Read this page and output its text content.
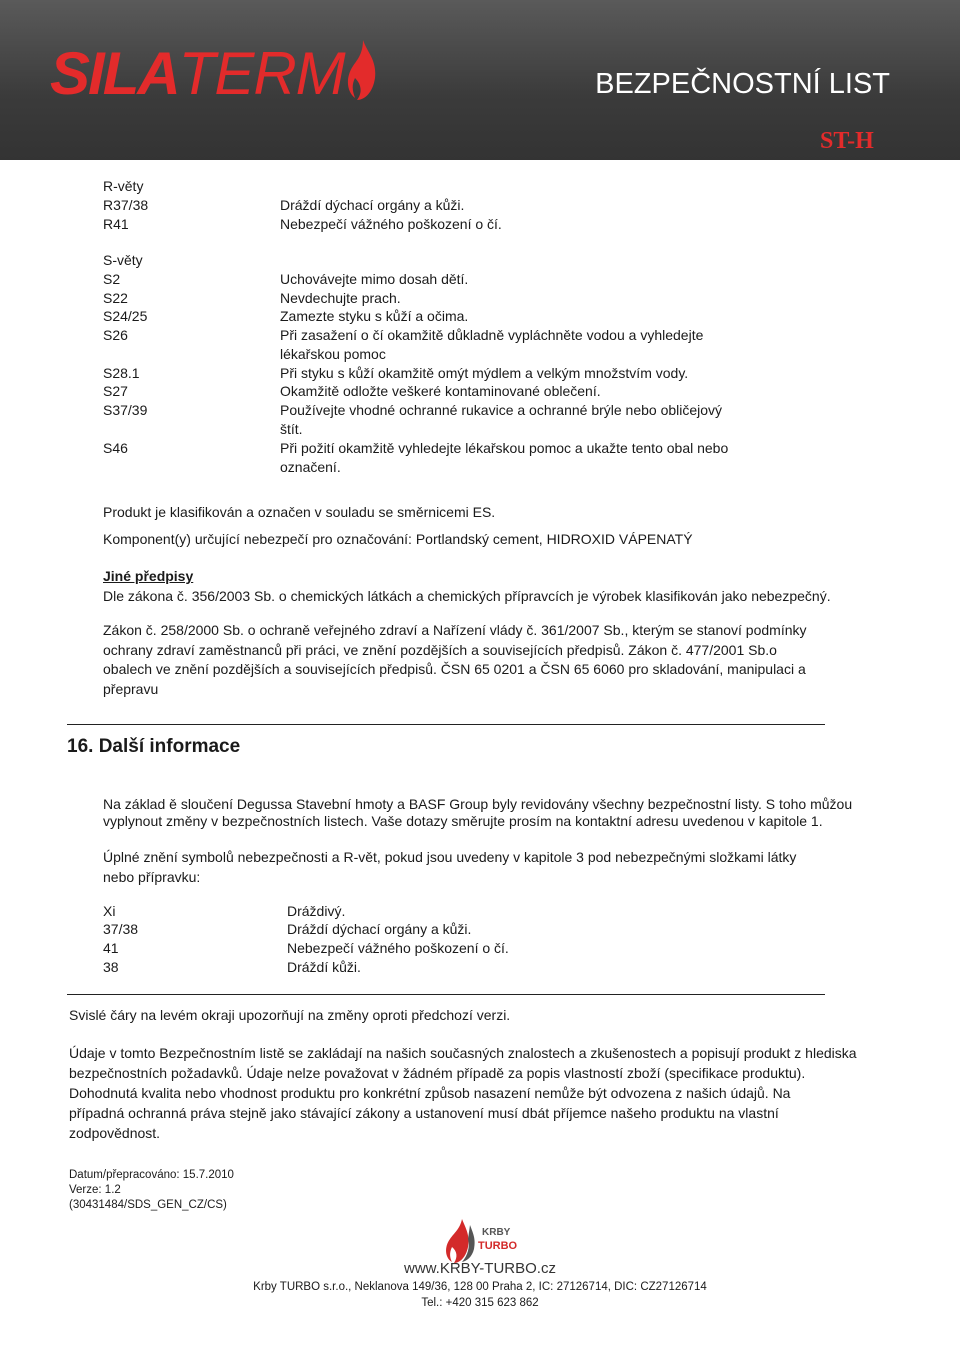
SILA TERM	BEZPEČNOSTNÍ LIST
ST-H
R-věty
R37/38	Dráždí dýchací orgány a kůži.
R41	Nebezpečí vážného poškození o čí.
S-věty
S2	Uchovávejte mimo dosah dětí.
S22	Nevdechujte prach.
S24/25	Zamezte styku s kůží a očima.
S26	Při zasažení o čí okamžitě důkladně vypláchněte vodou a vyhledejte
lékařskou pomoc
S28.1	Při styku s kůží okamžitě omýt mýdlem a velkým množstvím vody.
S27	Okamžitě odložte veškeré kontaminované oblečení.
S37/39	Používejte vhodné ochranné rukavice a ochranné brýle nebo obličejový
štít.
S46	Při požití okamžitě vyhledejte lékařskou pomoc a ukažte tento obal nebo
označení.
Produkt je klasifikován a označen v souladu se směrnicemi ES.
Komponent(y) určující nebezpečí pro označování: Portlandský cement, HIDROXID VÁPENATÝ
Jiné předpisy
Dle zákona č. 356/2003 Sb. o chemických látkách a chemických přípravcích je výrobek klasifikován jako nebezpečný.
Zákon č. 258/2000 Sb. o ochraně veřejného zdraví a Nařízení vlády č. 361/2007 Sb., kterým se stanoví podmínky
ochrany zdraví zaměstnanců při práci, ve znění pozdějších a souvisejících předpisů. Zákon č. 477/2001 Sb.o
obalech ve znění pozdějších a souvisejících předpisů. ČSN 65 0201 a ČSN 65 6060 pro skladování, manipulaci a
přepravu
16. Další informace
Na základ ě sloučení Degussa Stavební hmoty a BASF Group byly revidovány všechny bezpečnostní listy. S toho můžou
vyplynout změny v bezpečnostních listech. Vaše dotazy směrujte prosím na kontaktní adresu uvedenou v kapitole 1.
Úplné znění symbolů nebezpečnosti a R-vět, pokud jsou uvedeny v kapitole 3 pod nebezpečnými složkami látky
nebo přípravku:
Xi	Dráždivý.
37/38	Dráždí dýchací orgány a kůži.
41	Nebezpečí vážného poškození o čí.
38	Dráždí kůži.
Svislé čáry na levém okraji upozorňují na změny oproti předchozí verzi.
Údaje v tomto Bezpečnostním listě se zakládají na našich současných znalostech a zkušenostech a popisují produkt z hlediska
bezpečnostních požadavků. Údaje nelze považovat v žádném případě za popis vlastností zboží (specifikace produktu).
Dohodnutá kvalita nebo vhodnost produktu pro konkrétní způsob nasazení nemůže být odvozena z našich údajů. Na
případná ochranná práva stejně jako stávající zákony a ustanovení musí dbát příjemce našeho produktu na vlastní
zodpovědnost.
Datum/přepracováno: 15.7.2010
Verze: 1.2
(30431484/SDS_GEN_CZ/CS)
KRBY
TURBO
www.KRBY-TURBO.cz
Krby TURBO s.r.o., Neklanova 149/36, 128 00 Praha 2, IC: 27126714, DIC: CZ27126714
Tel.: +420 315 623 862
